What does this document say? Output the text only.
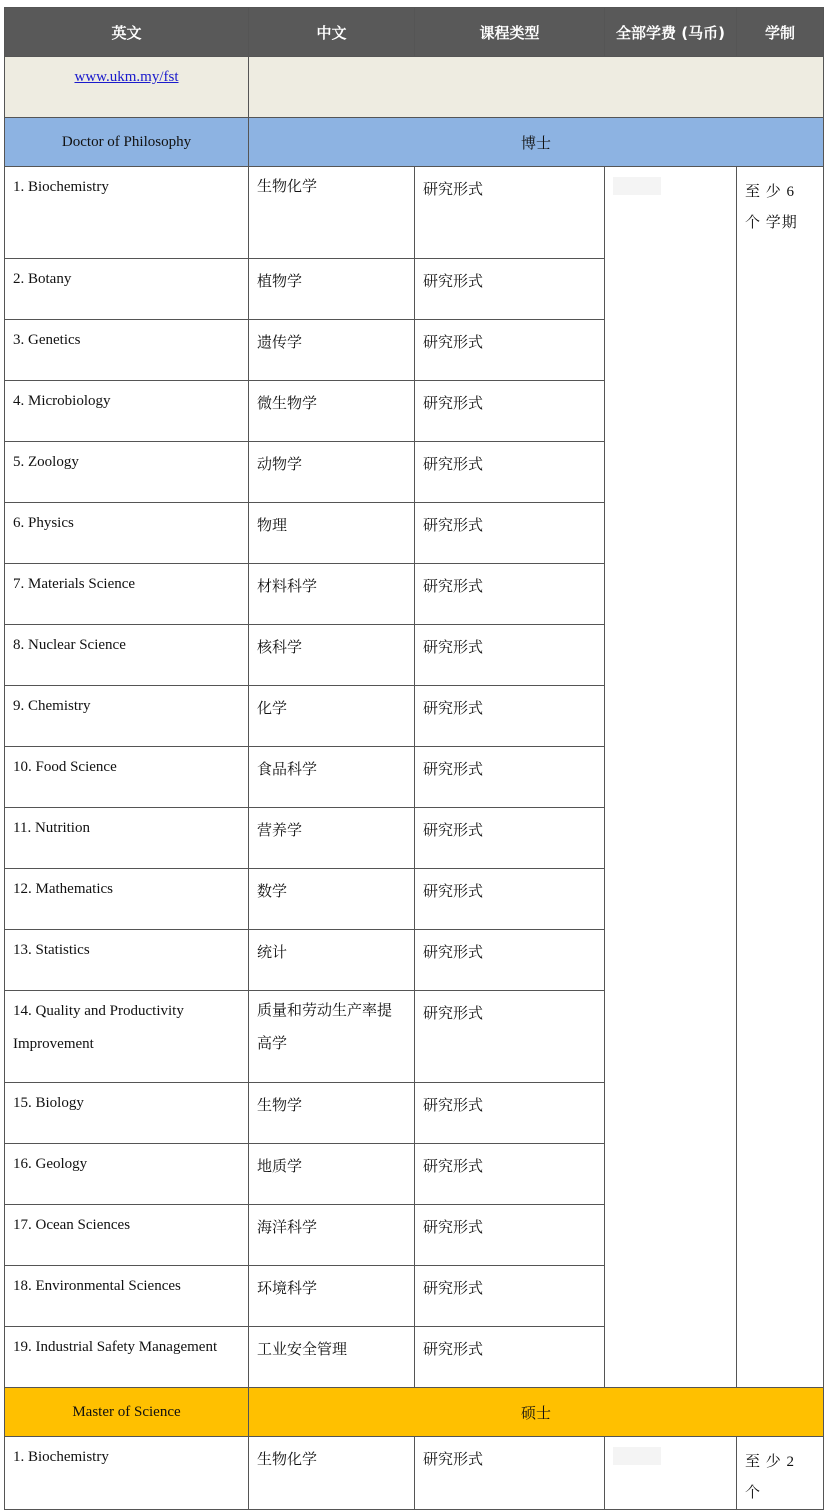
英文	中文	课程类型	全部学费 (马币)	学制
www.ukm.my/fst				
Doctor of Philosophy	博士			
1. Biochemistry	生物化学	研究形式		至 少 6 个 学期
2. Botany	植物学	研究形式		
3. Genetics	遗传学	研究形式		
4. Microbiology	微生物学	研究形式		
5. Zoology	动物学	研究形式		
6. Physics	物理	研究形式		
7. Materials Science	材料科学	研究形式		
8. Nuclear Science	核科学	研究形式		
9. Chemistry	化学	研究形式		
10. Food Science	食品科学	研究形式		
11. Nutrition	营养学	研究形式		
12. Mathematics	数学	研究形式		
13. Statistics	统计	研究形式		
14. Quality and Productivity Improvement	质量和劳动生产率提高学	研究形式		
15. Biology	生物学	研究形式		
16. Geology	地质学	研究形式		
17. Ocean Sciences	海洋科学	研究形式		
18. Environmental Sciences	环境科学	研究形式		
19. Industrial Safety Management	工业安全管理	研究形式		
Master of Science	硕士			
1. Biochemistry	生物化学	研究形式		至 少 2 个
